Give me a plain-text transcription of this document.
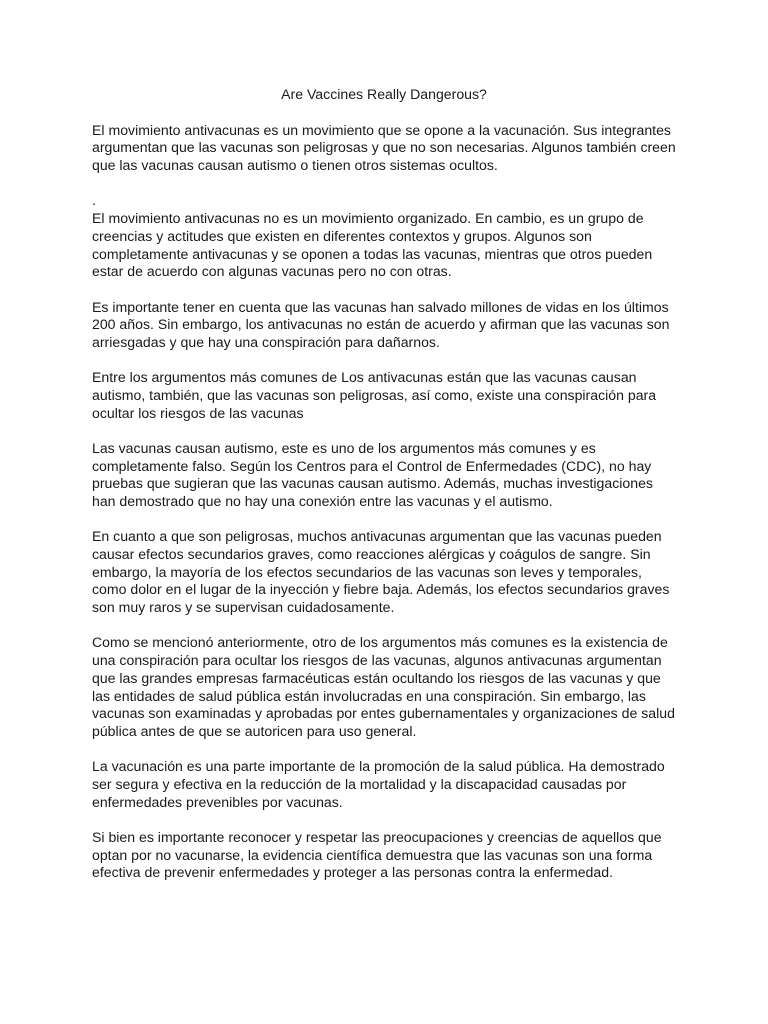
Are Vaccines Really Dangerous?

El movimiento antivacunas es un movimiento que se opone a la vacunación. Sus integrantes argumentan que las vacunas son peligrosas y que no son necesarias. Algunos también creen que las vacunas causan autismo o tienen otros sistemas ocultos.

.

El movimiento antivacunas no es un movimiento organizado. En cambio, es un grupo de creencias y actitudes que existen en diferentes contextos y grupos. Algunos son completamente antivacunas y se oponen a todas las vacunas, mientras que otros pueden estar de acuerdo con algunas vacunas pero no con otras.

Es importante tener en cuenta que las vacunas han salvado millones de vidas en los últimos 200 años. Sin embargo, los antivacunas no están de acuerdo y afirman que las vacunas son arriesgadas y que hay una conspiración para dañarnos.

Entre los argumentos más comunes de Los antivacunas están que las vacunas causan autismo, también, que las vacunas son peligrosas, así como, existe una conspiración para ocultar los riesgos de las vacunas

Las vacunas causan autismo, este es uno de los argumentos más comunes y es completamente falso. Según los Centros para el Control de Enfermedades (CDC), no hay pruebas que sugieran que las vacunas causan autismo. Además, muchas investigaciones han demostrado que no hay una conexión entre las vacunas y el autismo.

En cuanto a que son peligrosas, muchos antivacunas argumentan que las vacunas pueden causar efectos secundarios graves, como reacciones alérgicas y coágulos de sangre. Sin embargo, la mayoría de los efectos secundarios de las vacunas son leves y temporales, como dolor en el lugar de la inyección y fiebre baja. Además, los efectos secundarios graves son muy raros y se supervisan cuidadosamente.

Como se mencionó anteriormente, otro de los argumentos más comunes es la existencia de una conspiración para ocultar los riesgos de las vacunas, algunos antivacunas argumentan que las grandes empresas farmacéuticas están ocultando los riesgos de las vacunas y que las entidades de salud pública están involucradas en una conspiración. Sin embargo, las vacunas son examinadas y aprobadas por entes gubernamentales y organizaciones de salud pública antes de que se autoricen para uso general.

La vacunación es una parte importante de la promoción de la salud pública. Ha demostrado ser segura y efectiva en la reducción de la mortalidad y la discapacidad causadas por enfermedades prevenibles por vacunas.

Si bien es importante reconocer y respetar las preocupaciones y creencias de aquellos que optan por no vacunarse, la evidencia científica demuestra que las vacunas son una forma efectiva de prevenir enfermedades y proteger a las personas contra la enfermedad.
